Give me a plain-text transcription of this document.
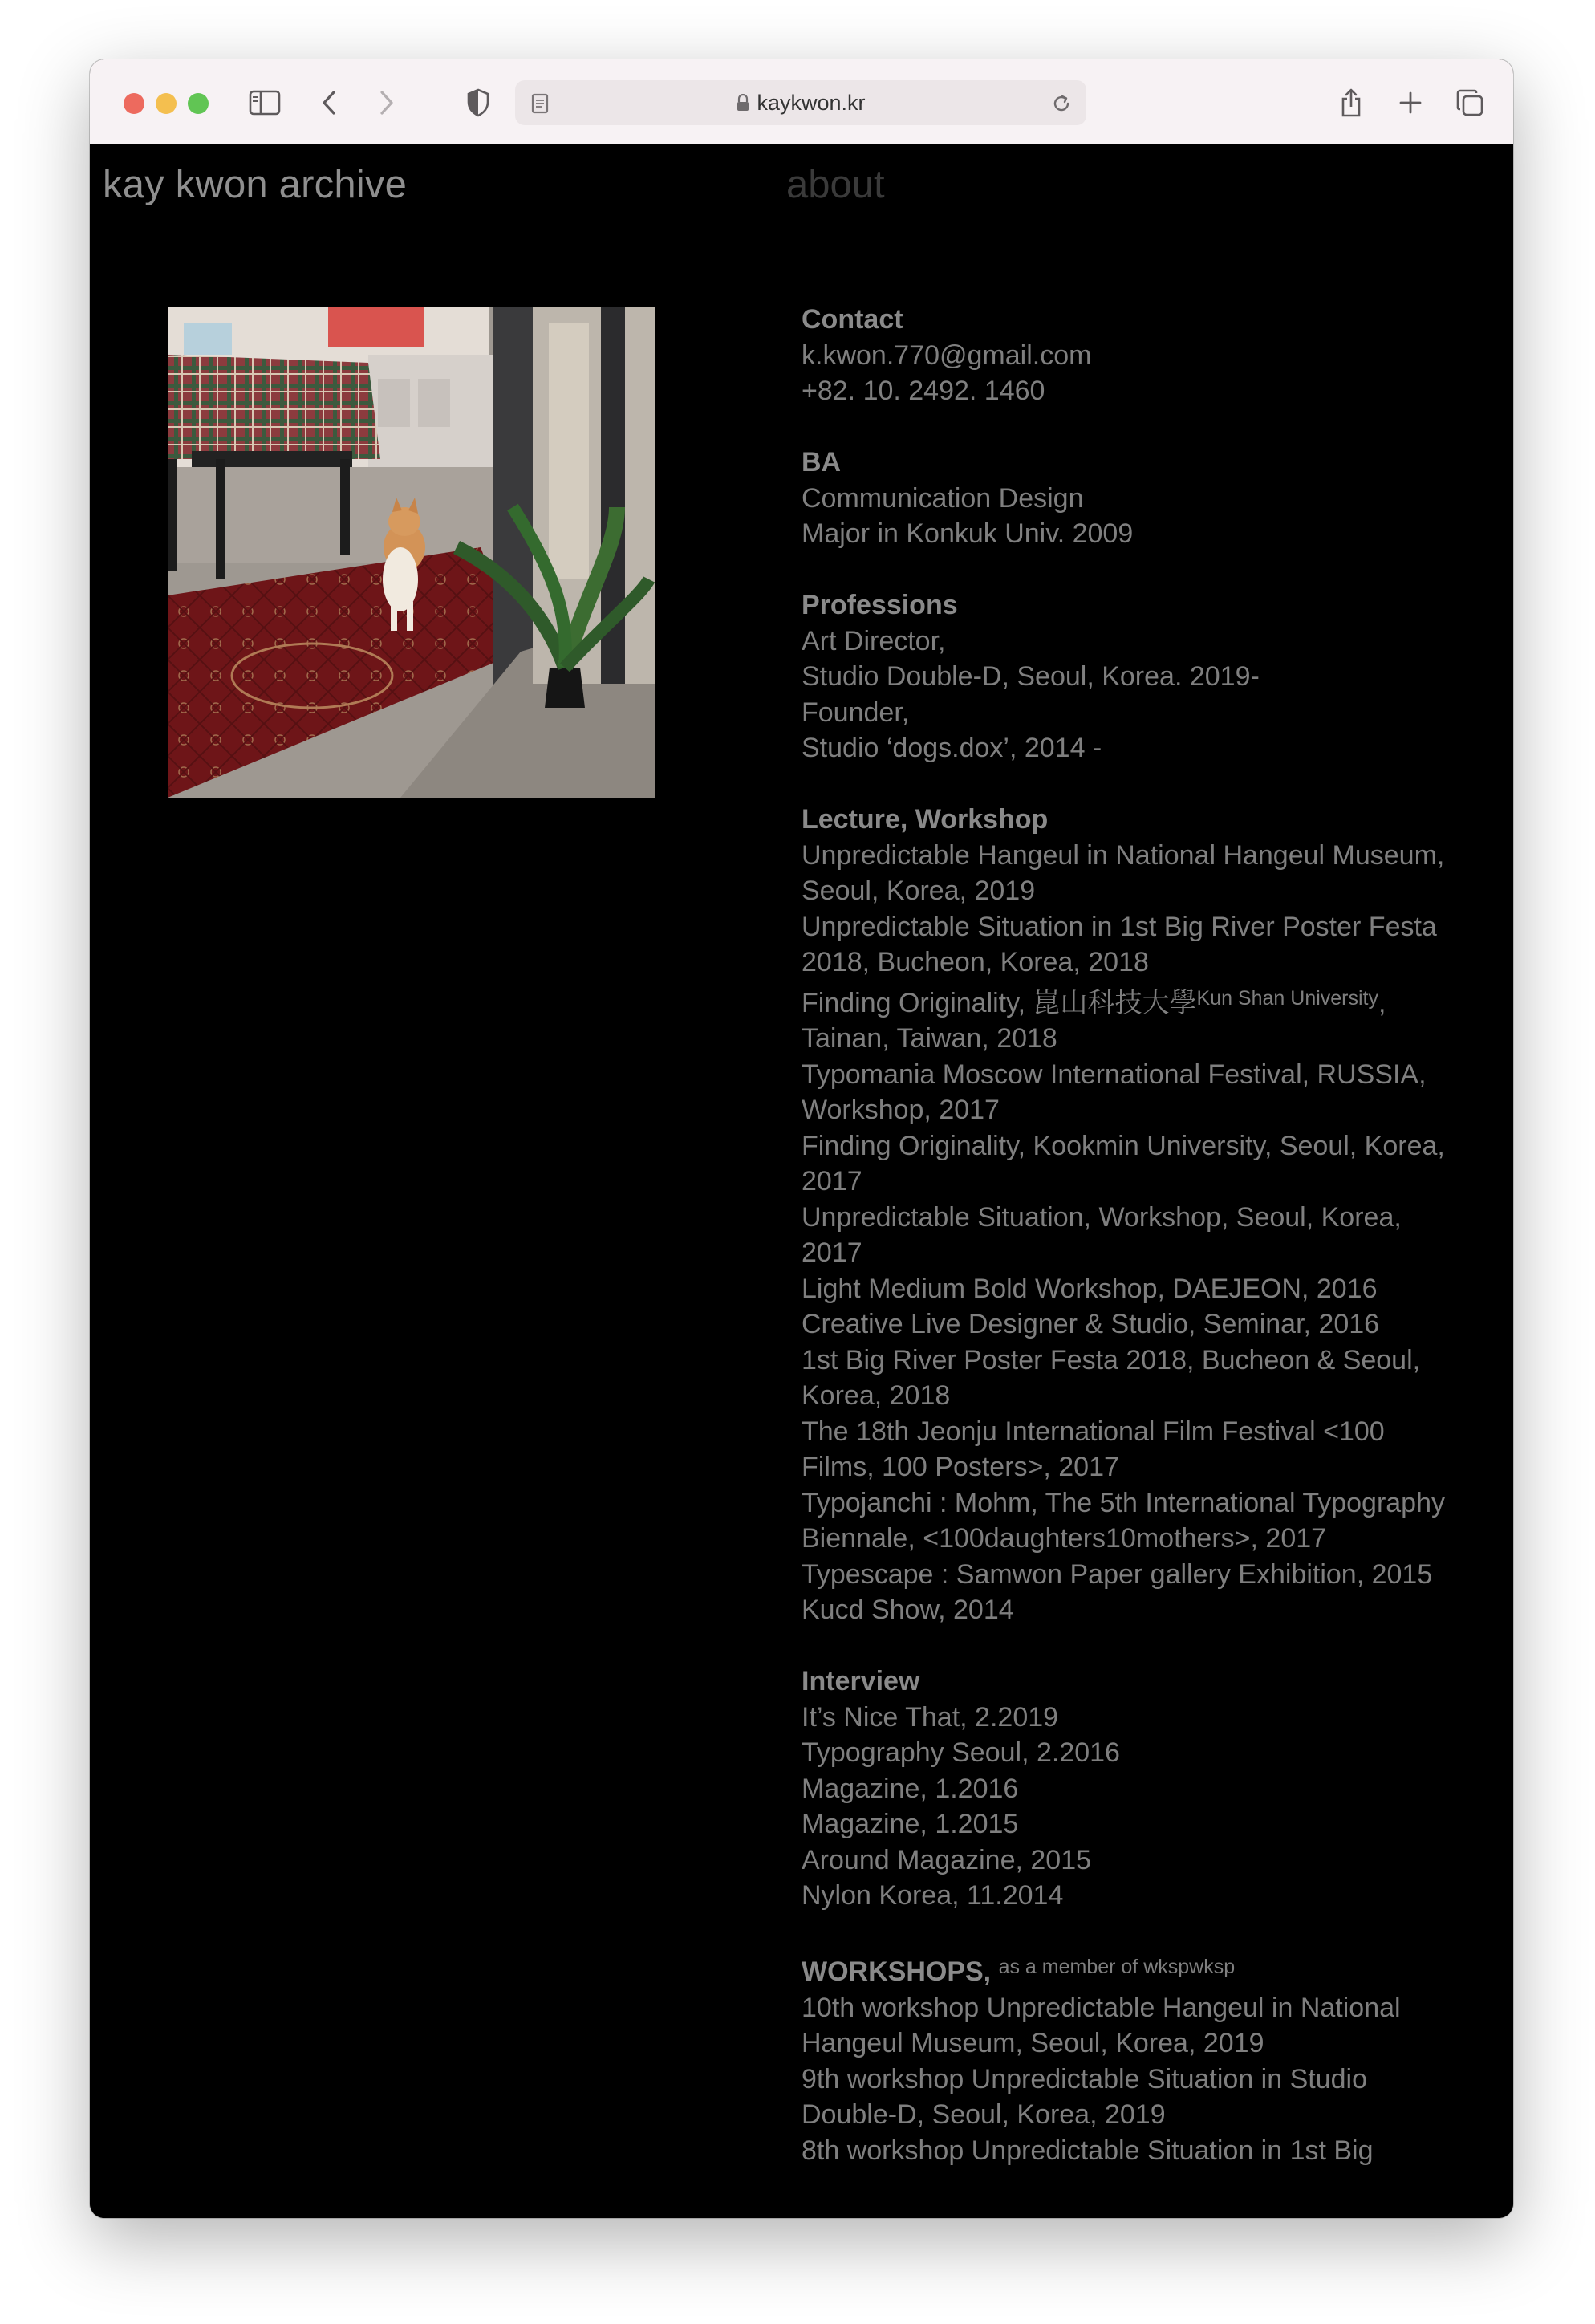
kaykwon.kr
kay kwon archive	about
Contact
k.kwon.770@gmail.com
+82. 10. 2492. 1460
BA
Communication Design
Major in Konkuk Univ. 2009
Professions
Art Director,
Studio Double-D, Seoul, Korea. 2019-
Founder,
Studio ‘dogs.dox’, 2014 -
Lecture, Workshop
Unpredictable Hangeul in National Hangeul Museum, Seoul, Korea, 2019
Unpredictable Situation in 1st Big River Poster Festa 2018, Bucheon, Korea, 2018
Finding Originality, 崑山科技大學$^{Kun Shan University}$, Tainan, Taiwan, 2018
Typomania Moscow International Festival, RUSSIA, Workshop, 2017
Finding Originality, Kookmin University, Seoul, Korea, 2017
Unpredictable Situation, Workshop, Seoul, Korea, 2017
Light Medium Bold Workshop, DAEJEON, 2016
Creative Live Designer & Studio, Seminar, 2016
1st Big River Poster Festa 2018, Bucheon & Seoul, Korea, 2018
The 18th Jeonju International Film Festival <100 Films, 100 Posters>, 2017
Typojanchi : Mohm, The 5th International Typography Biennale, <100daughters10mothers>, 2017
Typescape : Samwon Paper gallery Exhibition, 2015
Kucd Show, 2014
Interview
It’s Nice That, 2.2019
Typography Seoul, 2.2016
Magazine, 1.2016
Magazine, 1.2015
Around Magazine, 2015
Nylon Korea, 11.2014
WORKSHOPS, $^{as a member of wkspwksp}$
10th workshop Unpredictable Hangeul in National Hangeul Museum, Seoul, Korea, 2019
9th workshop Unpredictable Situation in Studio Double-D, Seoul, Korea, 2019
8th workshop Unpredictable Situation in 1st Big
